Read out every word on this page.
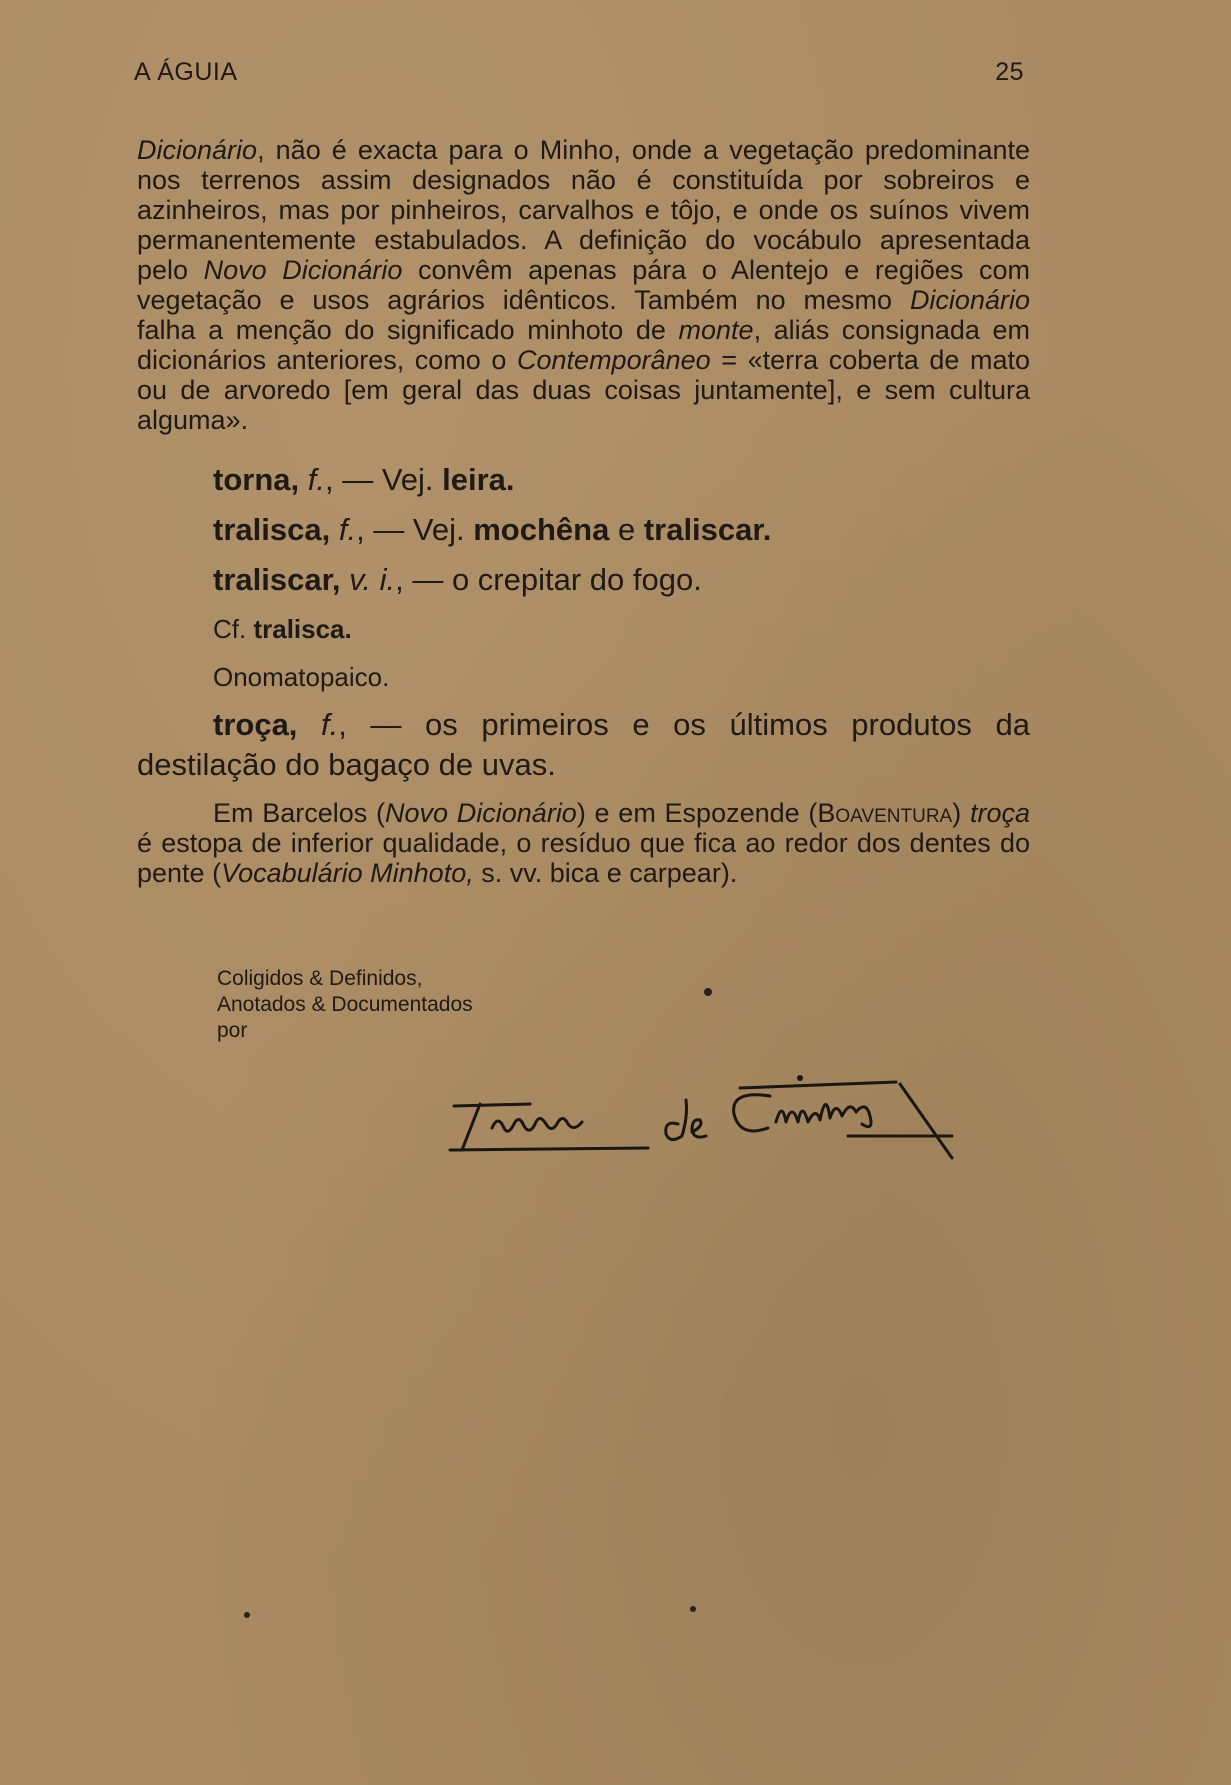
A ÁGUIA	25

Dicionário, não é exacta para o Minho, onde a vegetação predominante nos terrenos assim designados não é constituída por sobreiros e azinheiros, mas por pinheiros, carvalhos e tôjo, e onde os suínos vivem permanentemente estabulados. A definição do vocábulo apresentada pelo Novo Dicionário convêm apenas pára o Alentejo e regiões com vegetação e usos agrários idênticos. Também no mesmo Dicionário falha a menção do significado minhoto de monte, aliás consignada em dicionários anteriores, como o Contemporâneo = «terra coberta de mato ou de arvoredo [em geral das duas coisas juntamente], e sem cultura alguma».

torna, f., — Vej. leira.
tralisca, f., — Vej. mochêna e traliscar.
traliscar, v. i., — o crepitar do fogo.
Cf. tralisca.
Onomatopaico.
troça, f., — os primeiros e os últimos produtos da destilação do bagaço de uvas.
Em Barcelos (Novo Dicionário) e em Espozende (Boaventura) troça é estopa de inferior qualidade, o resíduo que fica ao redor dos dentes do pente (Vocabulário Minhoto, s. vv. bica e carpear).
Coligidos & Definidos,
Anotados & Documentados
por
